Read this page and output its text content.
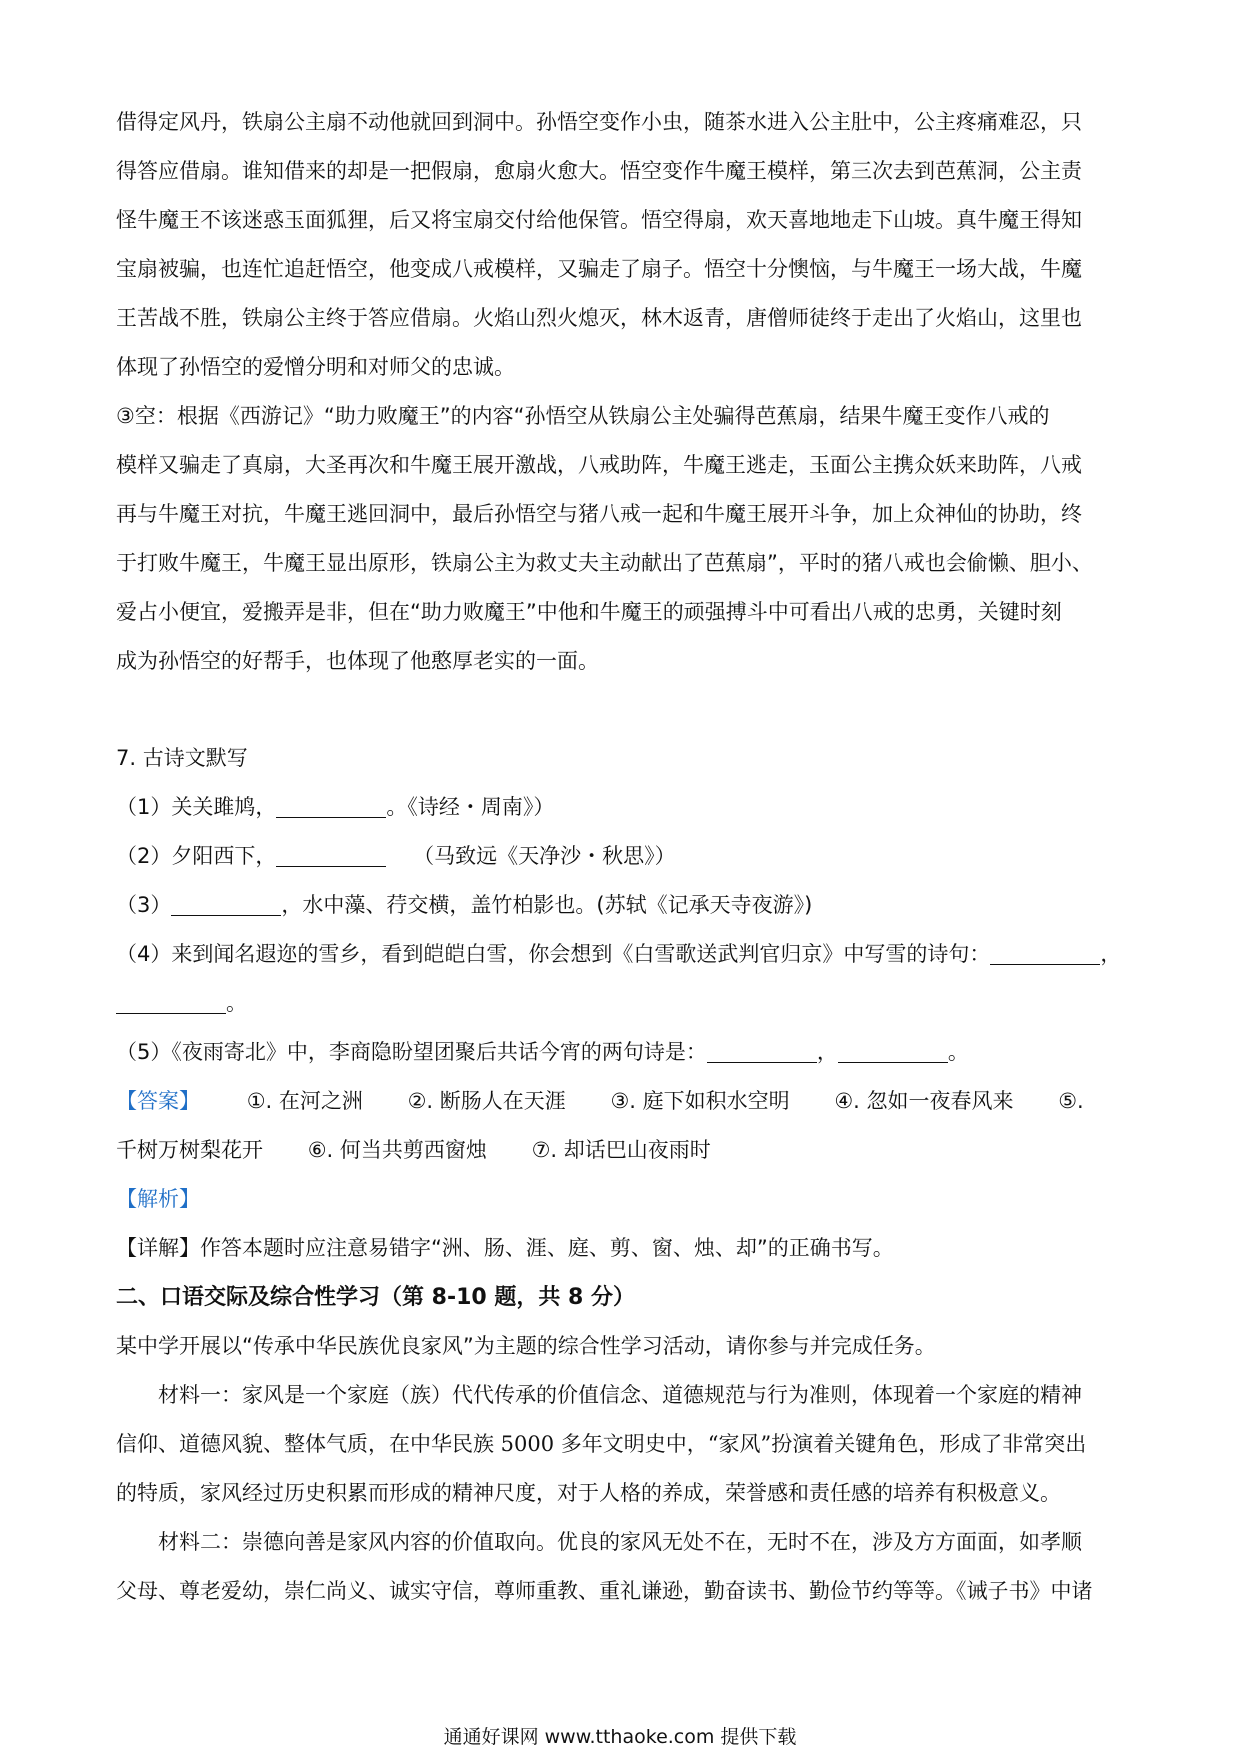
借得定风丹，铁扇公主扇不动他就回到洞中。孙悟空变作小虫，随茶水进入公主肚中，公主疼痛难忍，只

得答应借扇。谁知借来的却是一把假扇，愈扇火愈大。悟空变作牛魔王模样，第三次去到芭蕉洞，公主责

怪牛魔王不该迷惑玉面狐狸，后又将宝扇交付给他保管。悟空得扇，欢天喜地地走下山坡。真牛魔王得知

宝扇被骗，也连忙追赶悟空，他变成八戒模样，又骗走了扇子。悟空十分懊恼，与牛魔王一场大战，牛魔

王苦战不胜，铁扇公主终于答应借扇。火焰山烈火熄灭，林木返青，唐僧师徒终于走出了火焰山，这里也

体现了孙悟空的爱憎分明和对师父的忠诚。

③空：根据《西游记》“助力败魔王”的内容“孙悟空从铁扇公主处骗得芭蕉扇，结果牛魔王变作八戒的

模样又骗走了真扇，大圣再次和牛魔王展开激战，八戒助阵，牛魔王逃走，玉面公主携众妖来助阵，八戒

再与牛魔王对抗，牛魔王逃回洞中，最后孙悟空与猪八戒一起和牛魔王展开斗争，加上众神仙的协助，终

于打败牛魔王，牛魔王显出原形，铁扇公主为救丈夫主动献出了芭蕉扇”，平时的猪八戒也会偷懒、胆小、

爱占小便宜，爱搬弄是非，但在“助力败魔王”中他和牛魔王的顽强搏斗中可看出八戒的忠勇，关键时刻

成为孙悟空的好帮手，也体现了他憨厚老实的一面。

7. 古诗文默写

（1）关关雎鸠，	。《诗经・周南》）

（2）夕阳西下，	（马致远《天净沙・秋思》）

（3）	，水中藻、荇交横，盖竹柏影也。(苏轼《记承天寺夜游》)

（4）来到闻名遐迩的雪乡，看到皑皑白雪，你会想到《白雪歌送武判官归京》中写雪的诗句：	，

。

（5）《夜雨寄北》中，李商隐盼望团聚后共话今宵的两句诗是：	，	。

【答案】 ①. 在河之洲 ②. 断肠人在天涯 ③. 庭下如积水空明 ④. 忽如一夜春风来 ⑤.

千树万树梨花开 ⑥. 何当共剪西窗烛 ⑦. 却话巴山夜雨时

【解析】

【详解】作答本题时应注意易错字“洲、肠、涯、庭、剪、窗、烛、却”的正确书写。

二、口语交际及综合性学习（第 8-10 题，共 8 分）

某中学开展以“传承中华民族优良家风”为主题的综合性学习活动，请你参与并完成任务。

材料一：家风是一个家庭（族）代代传承的价值信念、道德规范与行为准则，体现着一个家庭的精神

信仰、道德风貌、整体气质，在中华民族 5000 多年文明史中，“家风”扮演着关键角色，形成了非常突出

的特质，家风经过历史积累而形成的精神尺度，对于人格的养成，荣誉感和责任感的培养有积极意义。

材料二：崇德向善是家风内容的价值取向。优良的家风无处不在，无时不在，涉及方方面面，如孝顺

父母、尊老爱幼，崇仁尚义、诚实守信，尊师重教、重礼谦逊，勤奋读书、勤俭节约等等。《诫子书》中诸

通通好课网 www.tthaoke.com 提供下载
